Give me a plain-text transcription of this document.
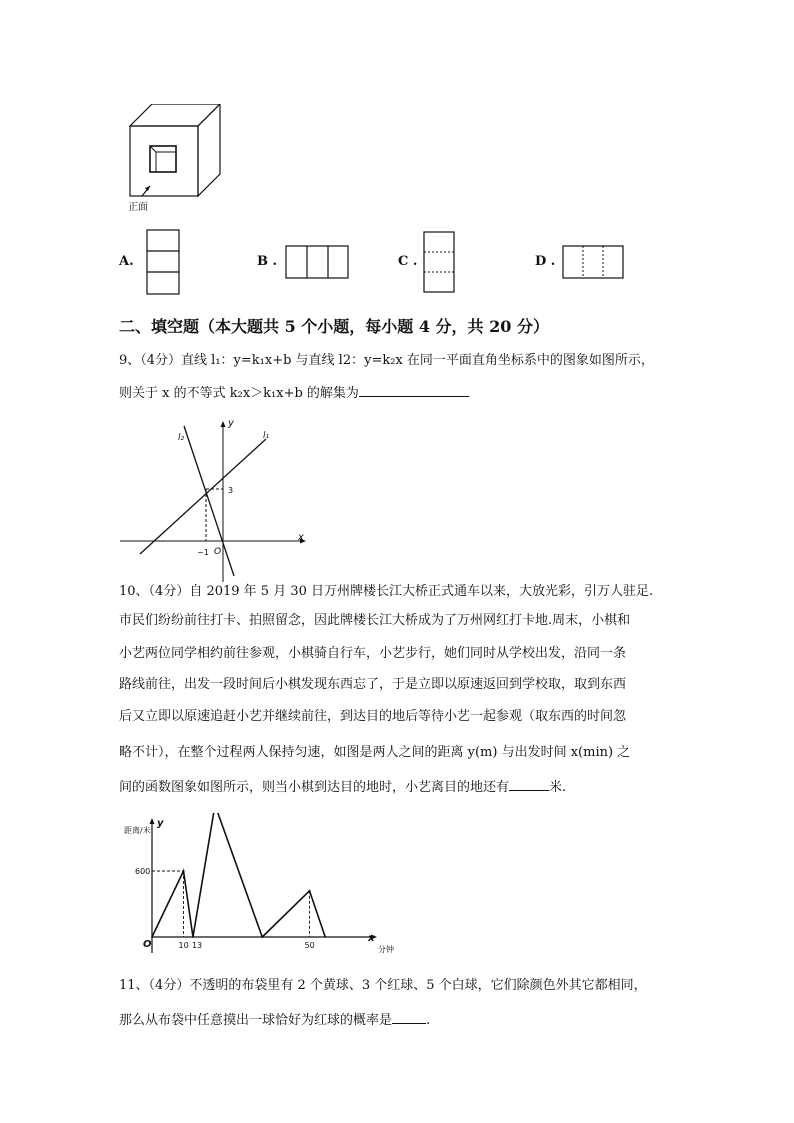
正面
A.	B .	C .	D .
二、填空题（本大题共 5 个小题，每小题 4 分，共 20 分）
9、（4分）直线 l₁：y=k₁x+b 与直线 l2：y=k₂x 在同一平面直角坐标系中的图象如图所示，
则关于 x 的不等式 k₂x＞k₁x+b 的解集为
y
x
O
l₂	l₁
3
−1
10、（4分）自 2019 年 5 月 30 日万州牌楼长江大桥正式通车以来，大放光彩，引万人驻足.
市民们纷纷前往打卡、拍照留念，因此牌楼长江大桥成为了万州网红打卡地.周末，小棋和
小艺两位同学相约前往参观，小棋骑自行车，小艺步行，她们同时从学校出发，沿同一条
路线前往，出发一段时间后小棋发现东西忘了，于是立即以原速返回到学校取，取到东西
后又立即以原速追赶小艺并继续前往，到达目的地后等待小艺一起参观（取东西的时间忽
略不计），在整个过程两人保持匀速，如图是两人之间的距离 y(m) 与出发时间 x(min) 之
间的函数图象如图所示，则当小棋到达目的地时，小艺离目的地还有	米.
y
x
O
距离/米
分钟
10 13	50
600
11、（4分）不透明的布袋里有 2 个黄球、3 个红球、5 个白球，它们除颜色外其它都相同，
那么从布袋中任意摸出一球恰好为红球的概率是	.
